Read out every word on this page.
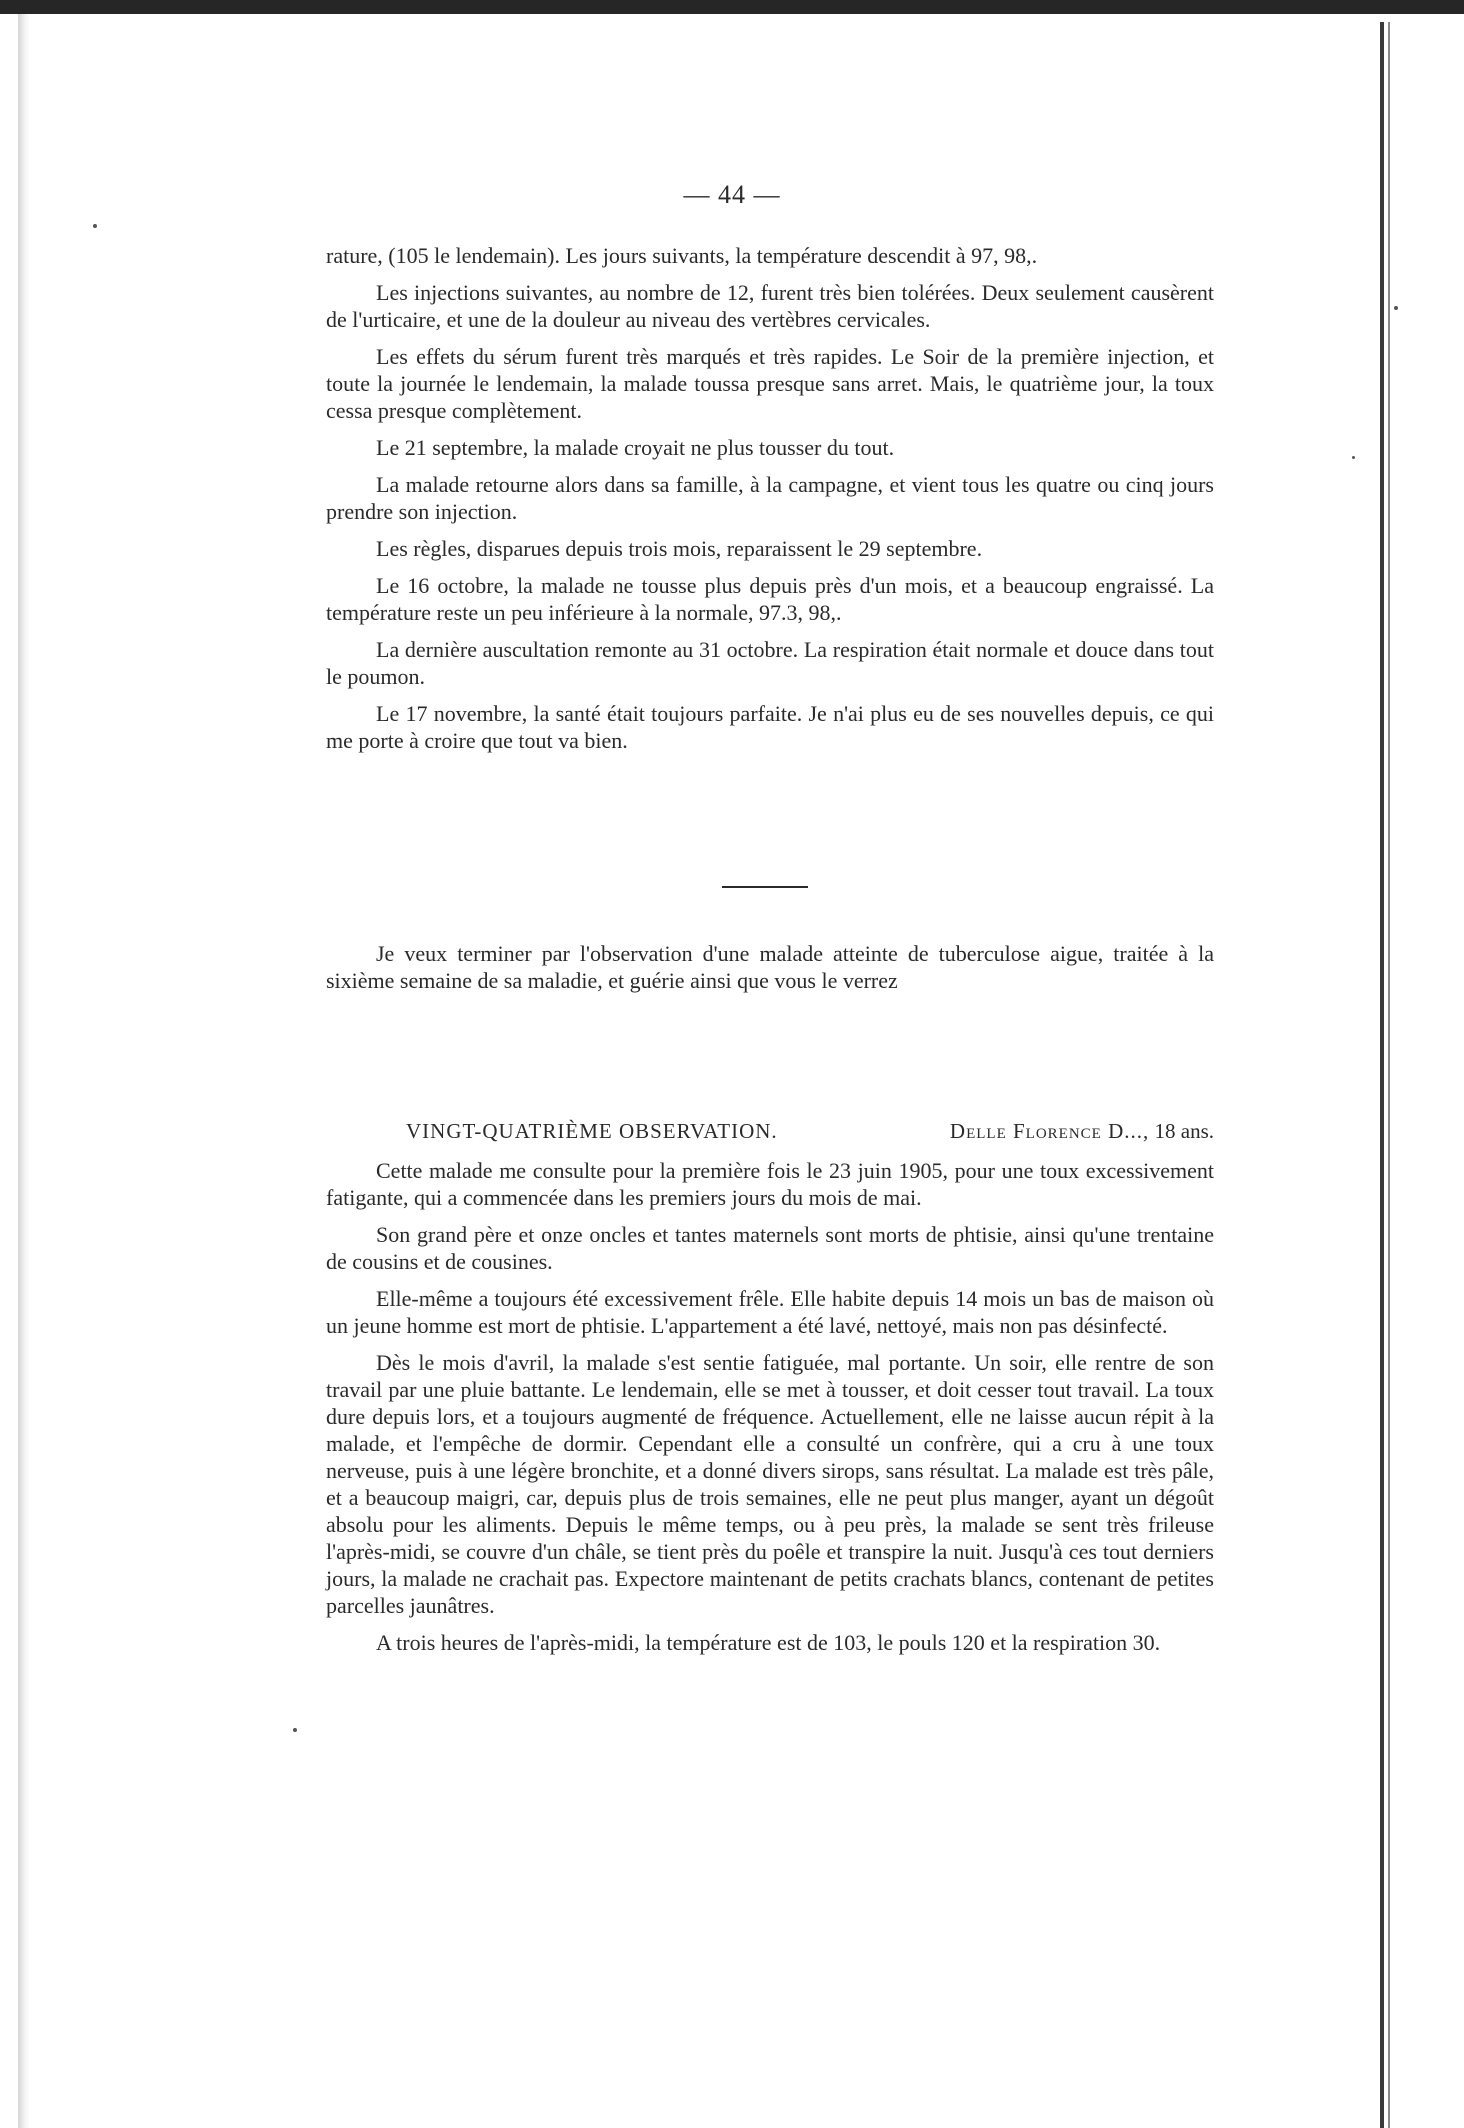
— 44 —

rature, (105 le lendemain). Les jours suivants, la température descendit à 97, 98,.

Les injections suivantes, au nombre de 12, furent très bien tolérées. Deux seulement causèrent de l'urticaire, et une de la douleur au niveau des vertèbres cervicales.

Les effets du sérum furent très marqués et très rapides. Le Soir de la première injection, et toute la journée le lendemain, la malade toussa presque sans arret. Mais, le quatrième jour, la toux cessa presque complètement.

Le 21 septembre, la malade croyait ne plus tousser du tout.

La malade retourne alors dans sa famille, à la campagne, et vient tous les quatre ou cinq jours prendre son injection.

Les règles, disparues depuis trois mois, reparaissent le 29 septembre.

Le 16 octobre, la malade ne tousse plus depuis près d'un mois, et a beaucoup engraissé. La température reste un peu inférieure à la normale, 97.3, 98,.

La dernière auscultation remonte au 31 octobre. La respiration était normale et douce dans tout le poumon.

Le 17 novembre, la santé était toujours parfaite. Je n'ai plus eu de ses nouvelles depuis, ce qui me porte à croire que tout va bien.

Je veux terminer par l'observation d'une malade atteinte de tuberculose aigue, traitée à la sixième semaine de sa maladie, et guérie ainsi que vous le verrez

VINGT-QUATRIÈME OBSERVATION.	Delle Florence D..., 18 ans.

Cette malade me consulte pour la première fois le 23 juin 1905, pour une toux excessivement fatigante, qui a commencée dans les premiers jours du mois de mai.

Son grand père et onze oncles et tantes maternels sont morts de phtisie, ainsi qu'une trentaine de cousins et de cousines.

Elle-même a toujours été excessivement frêle. Elle habite depuis 14 mois un bas de maison où un jeune homme est mort de phtisie. L'appartement a été lavé, nettoyé, mais non pas désinfecté.

Dès le mois d'avril, la malade s'est sentie fatiguée, mal portante. Un soir, elle rentre de son travail par une pluie battante. Le lendemain, elle se met à tousser, et doit cesser tout travail. La toux dure depuis lors, et a toujours augmenté de fréquence. Actuellement, elle ne laisse aucun répit à la malade, et l'empêche de dormir. Cependant elle a consulté un confrère, qui a cru à une toux nerveuse, puis à une légère bronchite, et a donné divers sirops, sans résultat. La malade est très pâle, et a beaucoup maigri, car, depuis plus de trois semaines, elle ne peut plus manger, ayant un dégoût absolu pour les aliments. Depuis le même temps, ou à peu près, la malade se sent très frileuse l'après-midi, se couvre d'un châle, se tient près du poêle et transpire la nuit. Jusqu'à ces tout derniers jours, la malade ne crachait pas. Expectore maintenant de petits crachats blancs, contenant de petites parcelles jaunâtres.

A trois heures de l'après-midi, la température est de 103, le pouls 120 et la respiration 30.
